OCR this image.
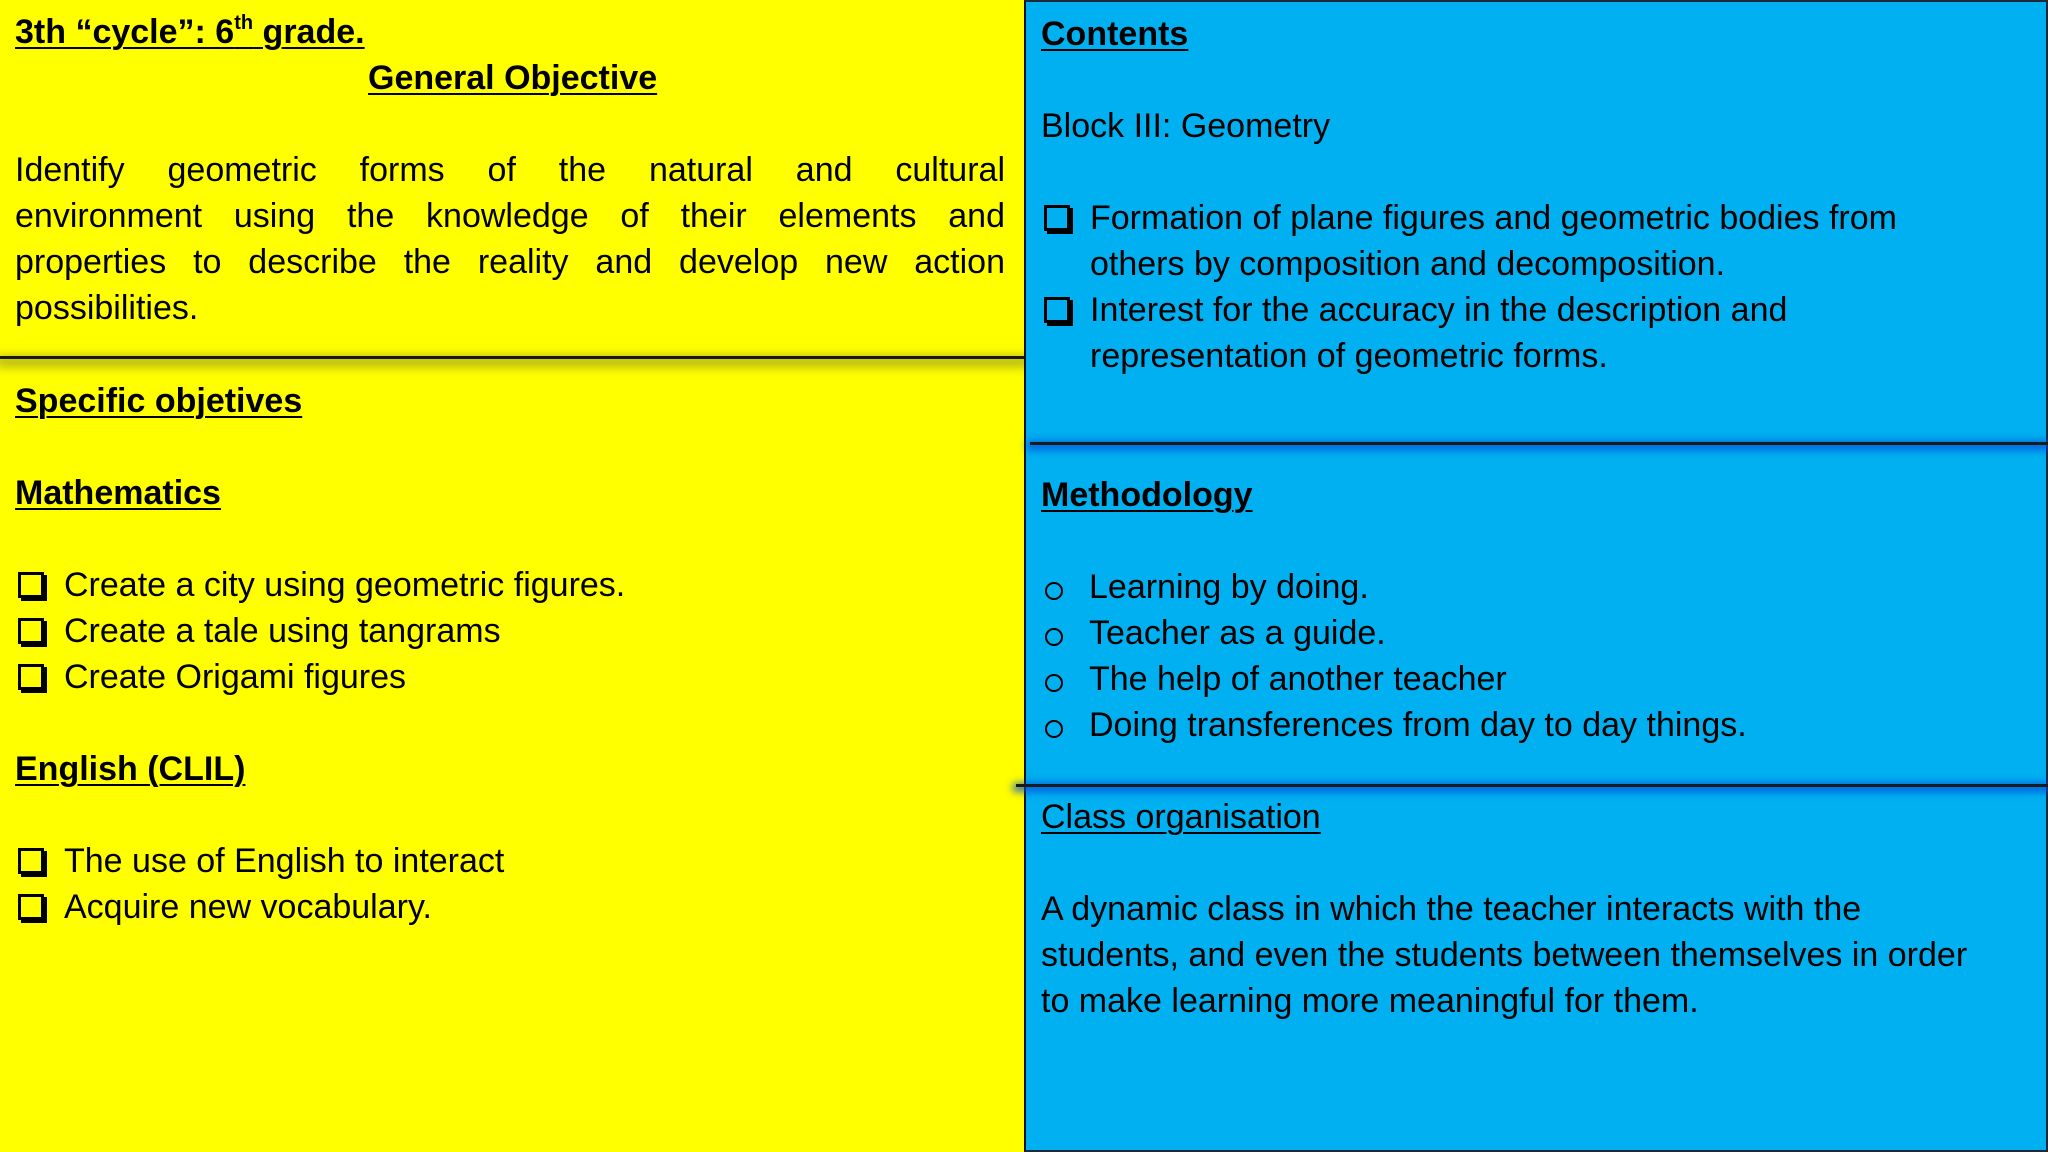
3th “cycle”: 6th grade.
General Objective
Identify geometric forms of the natural and cultural
environment using the knowledge of their elements and
properties to describe the reality and develop new action
possibilities.
Specific objetives
Mathematics
Create a city using geometric figures.
Create a tale using tangrams
Create Origami figures
English (CLIL)
The use of English to interact
Acquire new vocabulary.
Contents
Block III: Geometry
Formation of plane figures and geometric bodies from
others by composition and decomposition.
Interest for the accuracy in the description and
representation of geometric forms.
Methodology
Learning by doing.
Teacher as a guide.
The help of another teacher
Doing transferences from day to day things.
Class organisation
A dynamic class in which the teacher interacts with the
students, and even the students between themselves in order
to make learning more meaningful for them.
